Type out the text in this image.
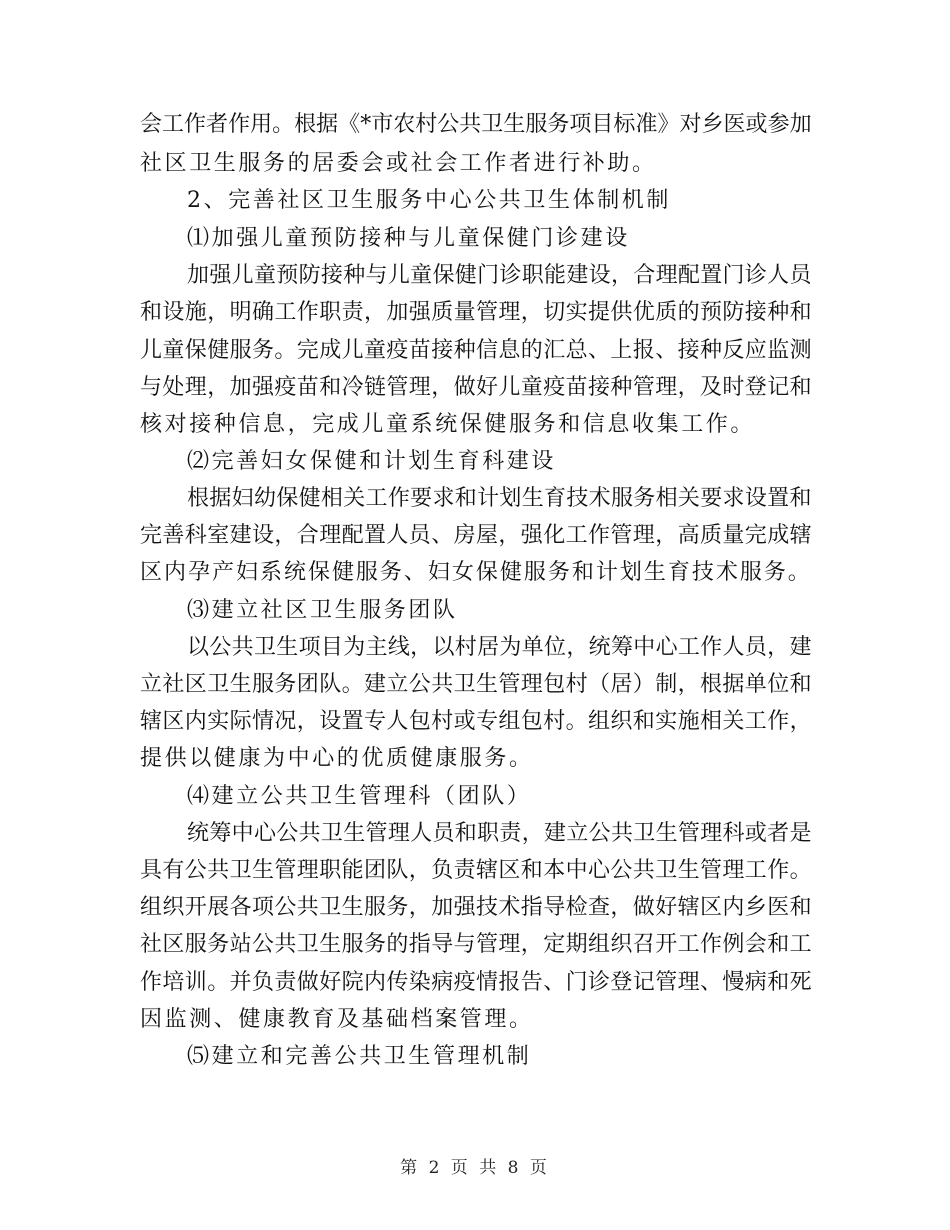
会工作者作用。根据《*市农村公共卫生服务项目标准》对乡医或参加
社区卫生服务的居委会或社会工作者进行补助。
2、完善社区卫生服务中心公共卫生体制机制
⑴加强儿童预防接种与儿童保健门诊建设
加强儿童预防接种与儿童保健门诊职能建设，合理配置门诊人员
和设施，明确工作职责，加强质量管理，切实提供优质的预防接种和
儿童保健服务。完成儿童疫苗接种信息的汇总、上报、接种反应监测
与处理，加强疫苗和冷链管理，做好儿童疫苗接种管理，及时登记和
核对接种信息，完成儿童系统保健服务和信息收集工作。
⑵完善妇女保健和计划生育科建设
根据妇幼保健相关工作要求和计划生育技术服务相关要求设置和
完善科室建设，合理配置人员、房屋，强化工作管理，高质量完成辖
区内孕产妇系统保健服务、妇女保健服务和计划生育技术服务。
⑶建立社区卫生服务团队
以公共卫生项目为主线，以村居为单位，统筹中心工作人员，建
立社区卫生服务团队。建立公共卫生管理包村（居）制，根据单位和
辖区内实际情况，设置专人包村或专组包村。组织和实施相关工作，
提供以健康为中心的优质健康服务。
⑷建立公共卫生管理科（团队）
统筹中心公共卫生管理人员和职责，建立公共卫生管理科或者是
具有公共卫生管理职能团队，负责辖区和本中心公共卫生管理工作。
组织开展各项公共卫生服务，加强技术指导检查，做好辖区内乡医和
社区服务站公共卫生服务的指导与管理，定期组织召开工作例会和工
作培训。并负责做好院内传染病疫情报告、门诊登记管理、慢病和死
因监测、健康教育及基础档案管理。
⑸建立和完善公共卫生管理机制
第 2 页 共 8 页
